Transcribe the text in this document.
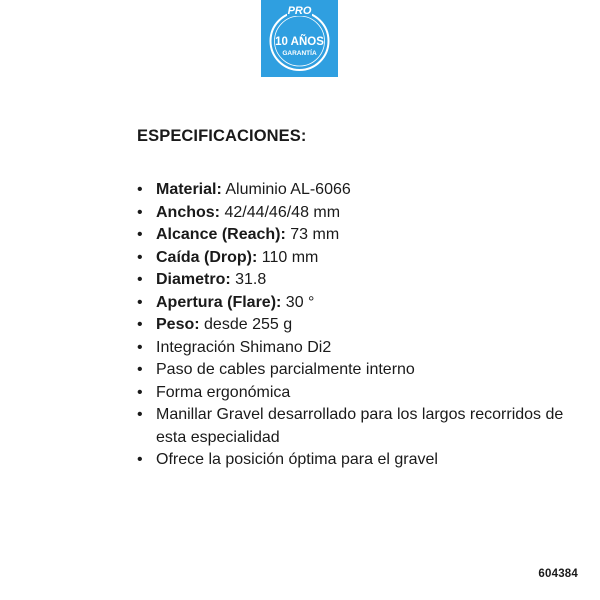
PRO
10 AÑOS
GARANTÍA
ESPECIFICACIONES:
• Material: Aluminio AL-6066
• Anchos: 42/44/46/48 mm
• Alcance (Reach): 73 mm
• Caída (Drop): 110 mm
• Diametro: 31.8
• Apertura (Flare): 30 °
• Peso: desde 255 g
• Integración Shimano Di2
• Paso de cables parcialmente interno
• Forma ergonómica
• Manillar Gravel desarrollado para los largos recorridos de esta especialidad
• Ofrece la posición óptima para el gravel
604384
